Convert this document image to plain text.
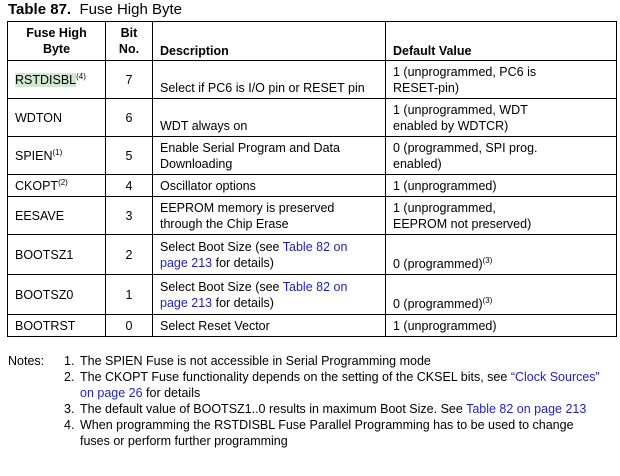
Table 87. Fuse High Byte
Fuse High
Byte	Bit
No.	Description	Default Value
RSTDISBL$^{(4)}$	7	Select if PC6 is I/O pin or RESET pin	1 (unprogrammed, PC6 is
RESET-pin)
WDTON	6	WDT always on	1 (unprogrammed, WDT
enabled by WDTCR)
SPIEN$^{(1)}$	5	Enable Serial Program and Data
Downloading	0 (programmed, SPI prog.
enabled)
CKOPT$^{(2)}$	4	Oscillator options	1 (unprogrammed)
EESAVE	3	EEPROM memory is preserved
through the Chip Erase	1 (unprogrammed,
EEPROM not preserved)
BOOTSZ1	2	Select Boot Size (see Table 82 on
page 213 for details)	0 (programmed)$^{(3)}$
BOOTSZ0	1	Select Boot Size (see Table 82 on
page 213 for details)	0 (programmed)$^{(3)}$
BOOTRST	0	Select Reset Vector	1 (unprogrammed)
Notes: 1. The SPIEN Fuse is not accessible in Serial Programming mode
2. The CKOPT Fuse functionality depends on the setting of the CKSEL bits, see “Clock Sources”
on page 26 for details
3. The default value of BOOTSZ1..0 results in maximum Boot Size. See Table 82 on page 213
4. When programming the RSTDISBL Fuse Parallel Programming has to be used to change
fuses or perform further programming
